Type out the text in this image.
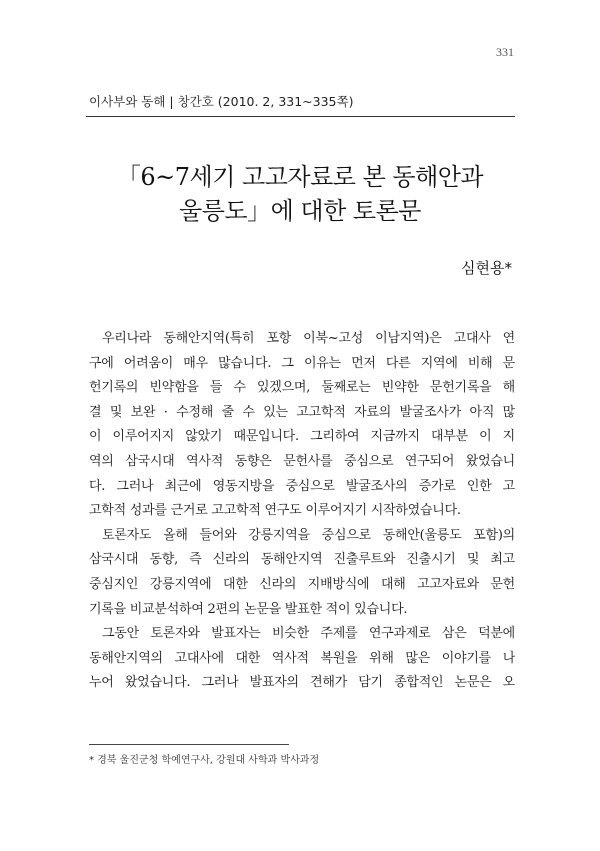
331
이사부와 동해 | 창간호 (2010. 2, 331~335쪽)
「6~7세기 고고자료로 본 동해안과
울릉도」에 대한 토론문
심현용*
우리나라 동해안지역(특히 포항 이북~고성 이남지역)은 고대사 연
구에 어려움이 매우 많습니다. 그 이유는 먼저 다른 지역에 비해 문
헌기록의 빈약함을 들 수 있겠으며, 둘째로는 빈약한 문헌기록을 해
결 및 보완 · 수정해 줄 수 있는 고고학적 자료의 발굴조사가 아직 많
이 이루어지지 않았기 때문입니다. 그리하여 지금까지 대부분 이 지
역의 삼국시대 역사적 동향은 문헌사를 중심으로 연구되어 왔었습니
다. 그러나 최근에 영동지방을 중심으로 발굴조사의 증가로 인한 고
고학적 성과를 근거로 고고학적 연구도 이루어지기 시작하였습니다.
토론자도 올해 들어와 강릉지역을 중심으로 동해안(울릉도 포함)의
삼국시대 동향, 즉 신라의 동해안지역 진출루트와 진출시기 및 최고
중심지인 강릉지역에 대한 신라의 지배방식에 대해 고고자료와 문헌
기록을 비교분석하여 2편의 논문을 발표한 적이 있습니다.
그동안 토론자와 발표자는 비슷한 주제를 연구과제로 삼은 덕분에
동해안지역의 고대사에 대한 역사적 복원을 위해 많은 이야기를 나
누어 왔었습니다. 그러나 발표자의 견해가 담기 종합적인 논문은 오
* 경북 울진군청 학예연구사, 강원대 사학과 박사과정
